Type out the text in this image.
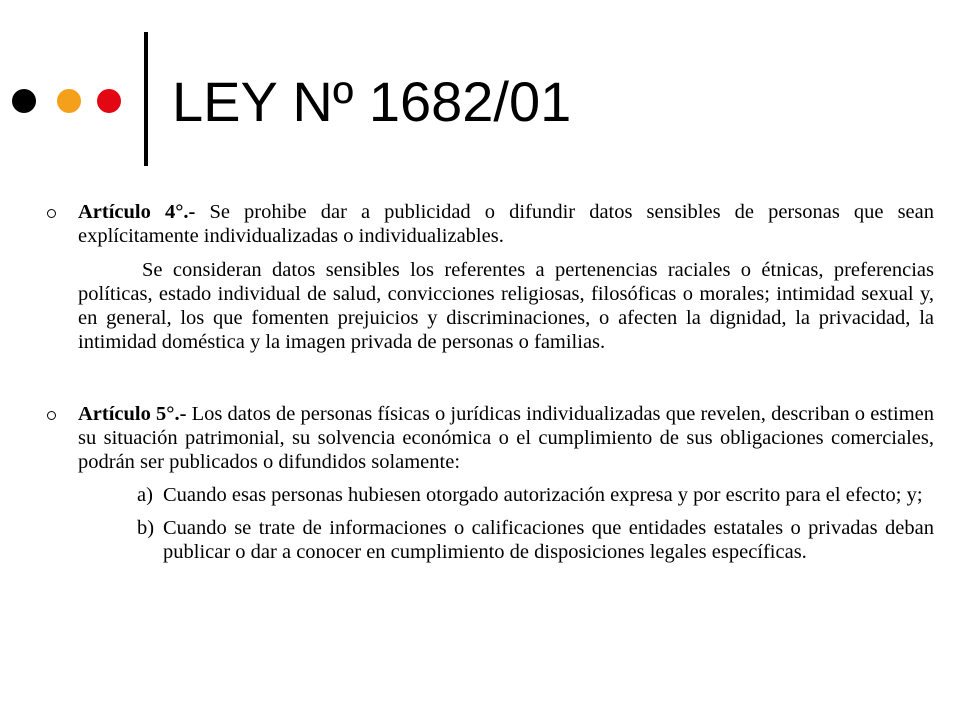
LEY Nº 1682/01

Artículo 4°.- Se prohibe dar a publicidad o difundir datos sensibles de personas que sean explícitamente individualizadas o individualizables.

Se consideran datos sensibles los referentes a pertenencias raciales o étnicas, preferencias políticas, estado individual de salud, convicciones religiosas, filosóficas o morales; intimidad sexual y, en general, los que fomenten prejuicios y discriminaciones, o afecten la dignidad, la privacidad, la intimidad doméstica y la imagen privada de personas o familias.

Artículo 5°.- Los datos de personas físicas o jurídicas individualizadas que revelen, describan o estimen su situación patrimonial, su solvencia económica o el cumplimiento de sus obligaciones comerciales, podrán ser publicados o difundidos solamente:

a) Cuando esas personas hubiesen otorgado autorización expresa y por escrito para el efecto; y;
b) Cuando se trate de informaciones o calificaciones que entidades estatales o privadas deban publicar o dar a conocer en cumplimiento de disposiciones legales específicas.
